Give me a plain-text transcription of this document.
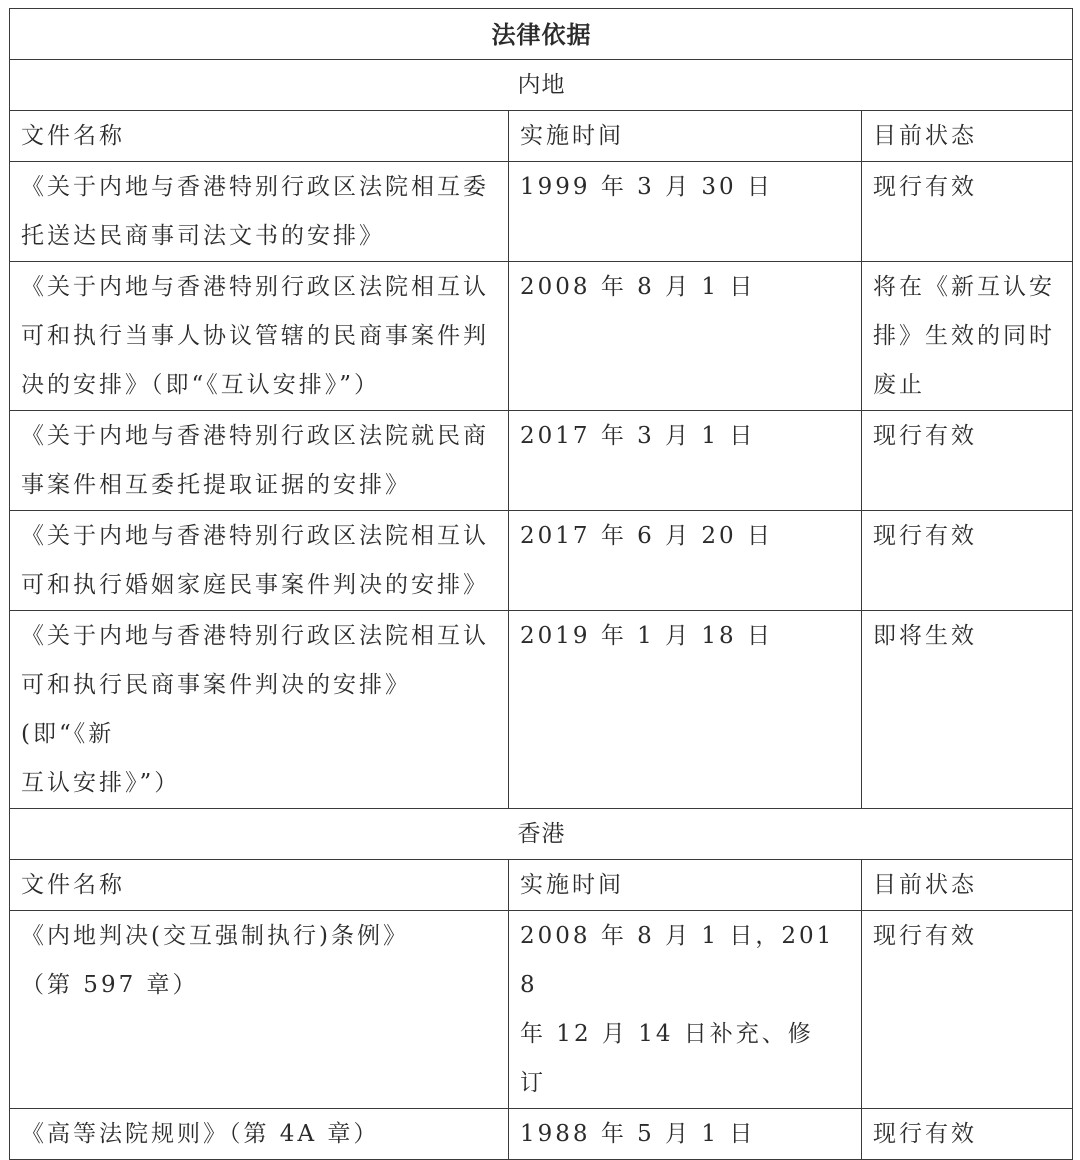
法律依据		
内地		
文件名称	实施时间	目前状态

《关于内地与香港特别行政区法院相互委
托送达民商事司法文书的安排》	1999 年 3 月 30 日	现行有效

《关于内地与香港特别行政区法院相互认
可和执行当事人协议管辖的民商事案件判
决的安排》（即“《互认安排》”）	2008 年 8 月 1 日	将在《新互认安
排》生效的同时
废止

《关于内地与香港特别行政区法院就民商
事案件相互委托提取证据的安排》	2017 年 3 月 1 日	现行有效

《关于内地与香港特别行政区法院相互认
可和执行婚姻家庭民事案件判决的安排》	2017 年 6 月 20 日	现行有效

《关于内地与香港特别行政区法院相互认
可和执行民商事案件判决的安排》(即“《新
互认安排》”）	2019 年 1 月 18 日	即将生效

香港		
文件名称	实施时间	目前状态

《内地判决(交互强制执行)条例》
（第 597 章）	2008 年 8 月 1 日，2018
年 12 月 14 日补充、修
订	现行有效

《高等法院规则》（第 4A 章）	1988 年 5 月 1 日	现行有效
